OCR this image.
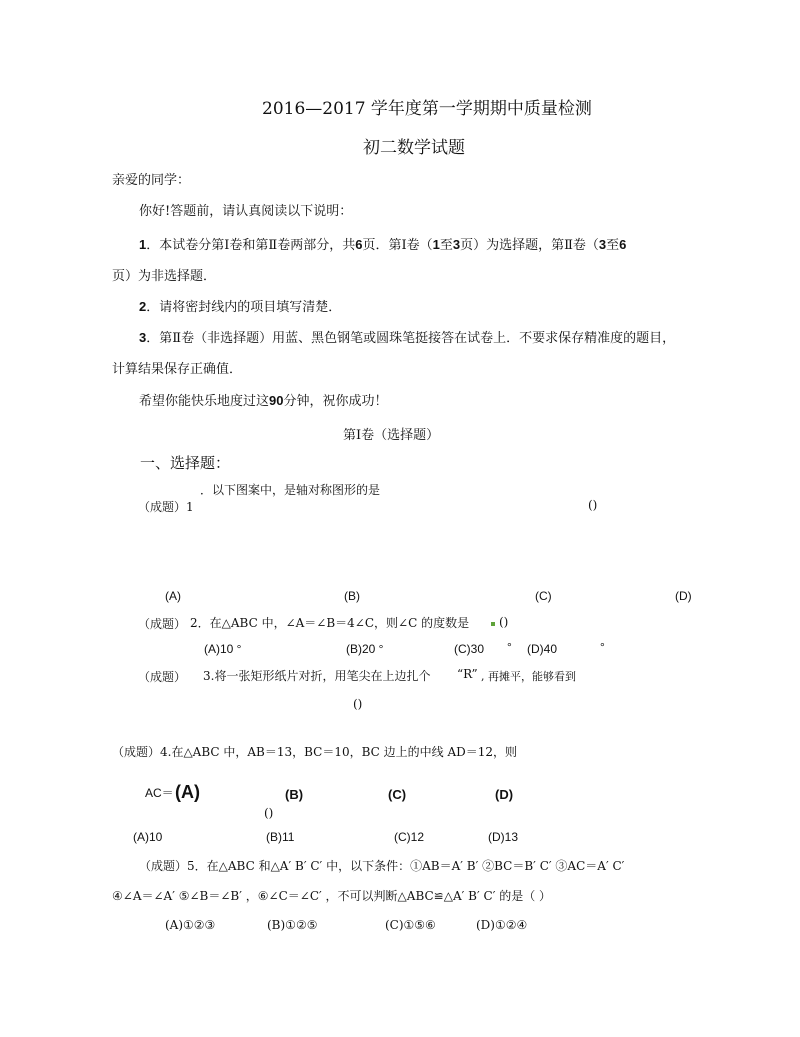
2016—2017 学年度第一学期期中质量检测
初二数学试题
亲爱的同学：
你好!答题前，请认真阅读以下说明：
1．本试卷分第Ⅰ卷和第Ⅱ卷两部分，共6页．第Ⅰ卷（1至3页）为选择题，第Ⅱ卷（3至6
页）为非选择题．
2．请将密封线内的项目填写清楚．
3．第Ⅱ卷（非选择题）用蓝、黑色钢笔或圆珠笔挺接答在试卷上．不要求保存精准度的题目，
计算结果保存正确值．
希望你能快乐地度过这90分钟，祝你成功！
第Ⅰ卷（选择题）
一、选择题：
．以下图案中，是轴对称图形的是
（成题）1	()
(A)	(B)	(C)	(D)
（成题） 2．在△ABC 中，∠A＝∠B＝4∠C，则∠C 的度数是	()
(A)10 °	(B)20 °	(C)30 ° (D)40	°
（成题） 3.将一张矩形纸片对折，用笔尖在上边扎个 “R” , 再摊平，能够看到
()
（成题）4.在△ABC 中，AB＝13，BC＝10，BC 边上的中线 AD＝12，则
AC＝ (A)	(B)	(C)	(D)
()
(A)10	(B)11	(C)12	(D)13
（成题）5．在△ABC 和△A′ B′ C′ 中，以下条件：①AB＝A′ B′ ②BC＝B′ C′ ③AC＝A′ C′
④∠A＝∠A′ ⑤∠B＝∠B′ ，⑥∠C＝∠C′ ，不可以判断△ABC≌△A′ B′ C′ 的是（ ）
(A)①②③	(B)①②⑤	(C)①⑤⑥	(D)①②④
